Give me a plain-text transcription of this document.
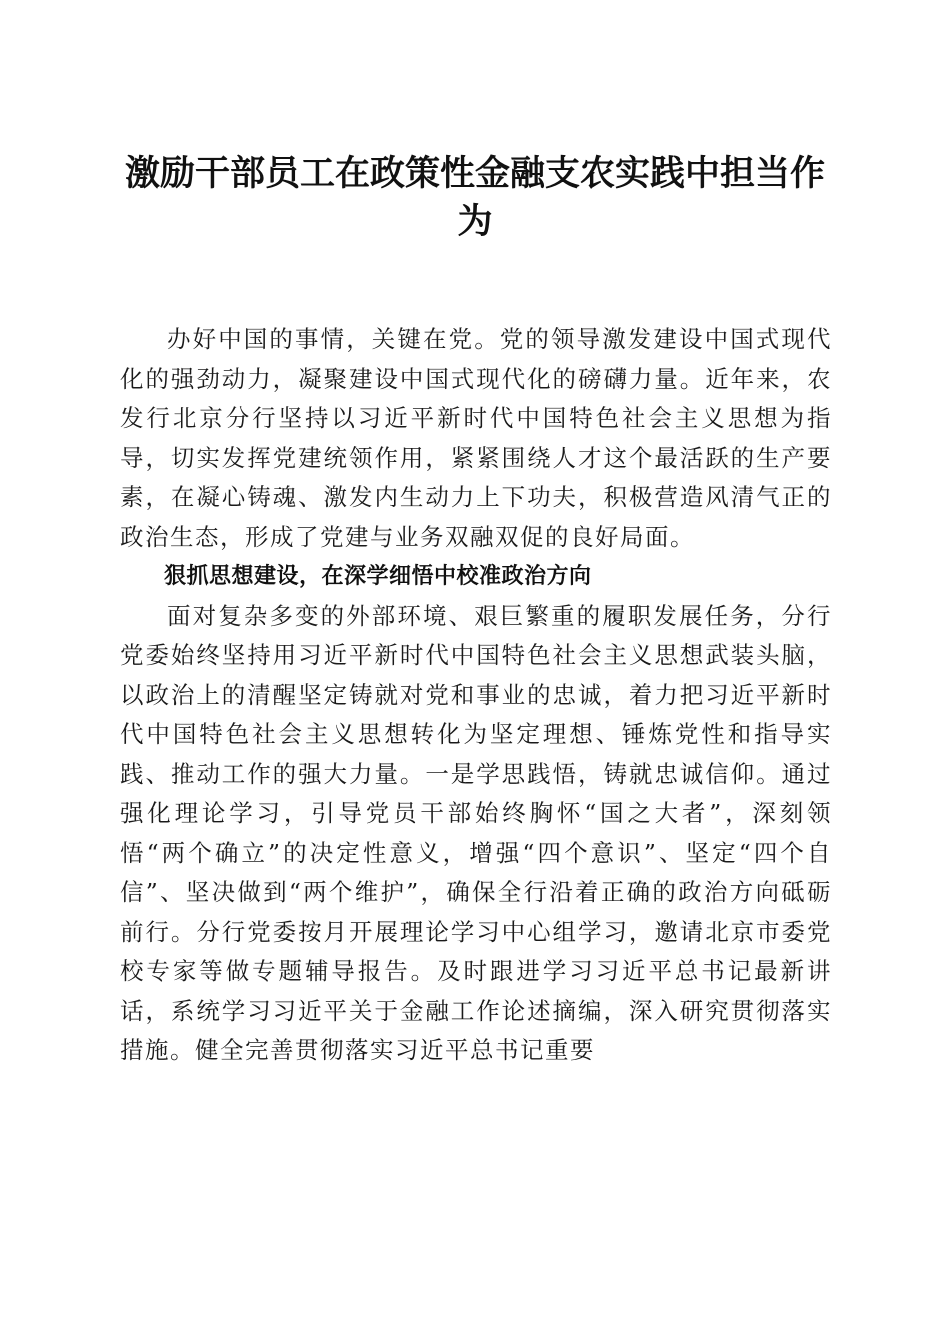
激励干部员工在政策性金融支农实践中担当作为

办好中国的事情，关键在党。党的领导激发建设中国式现代化的强劲动力，凝聚建设中国式现代化的磅礴力量。近年来，农发行北京分行坚持以习近平新时代中国特色社会主义思想为指导，切实发挥党建统领作用，紧紧围绕人才这个最活跃的生产要素，在凝心铸魂、激发内生动力上下功夫，积极营造风清气正的政治生态，形成了党建与业务双融双促的良好局面。

狠抓思想建设，在深学细悟中校准政治方向

面对复杂多变的外部环境、艰巨繁重的履职发展任务，分行党委始终坚持用习近平新时代中国特色社会主义思想武装头脑，以政治上的清醒坚定铸就对党和事业的忠诚，着力把习近平新时代中国特色社会主义思想转化为坚定理想、锤炼党性和指导实践、推动工作的强大力量。一是学思践悟，铸就忠诚信仰。通过强化理论学习，引导党员干部始终胸怀“国之大者”，深刻领悟“两个确立”的决定性意义，增强“四个意识”、坚定“四个自信”、坚决做到“两个维护”，确保全行沿着正确的政治方向砥砺前行。分行党委按月开展理论学习中心组学习，邀请北京市委党校专家等做专题辅导报告。及时跟进学习习近平总书记最新讲话，系统学习习近平关于金融工作论述摘编，深入研究贯彻落实措施。健全完善贯彻落实习近平总书记重要
